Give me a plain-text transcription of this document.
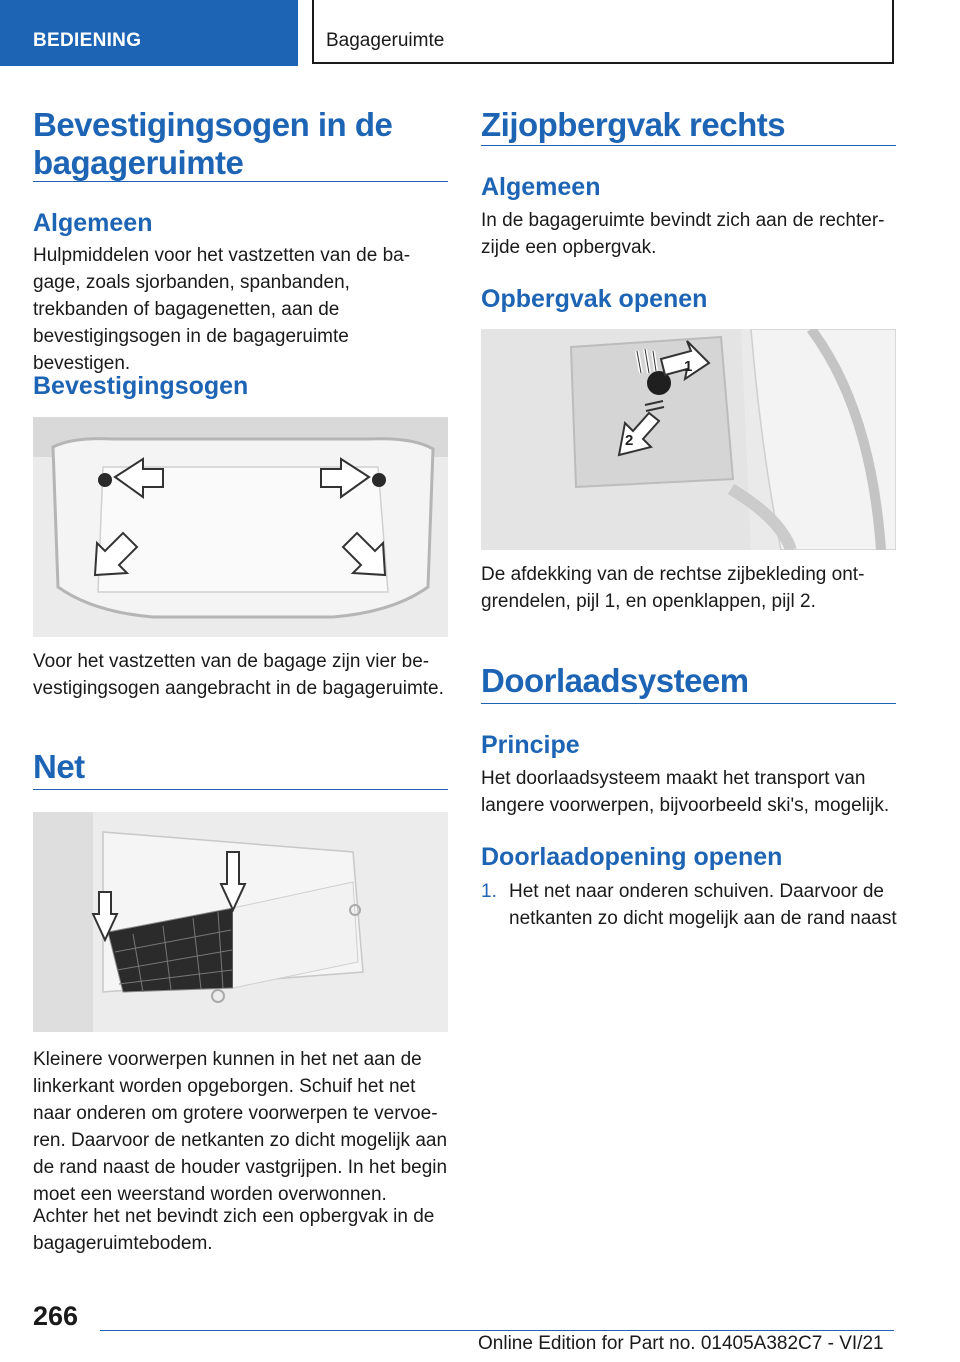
BEDIENING	Bagageruimte
Bevestigingsogen in de bagageruimte
Algemeen
Hulpmiddelen voor het vastzetten van de bagage, zoals sjorbanden, spanbanden, trekbanden of bagagenetten, aan de bevestigingsogen in de bagageruimte bevestigen.
Bevestigingsogen
Voor het vastzetten van de bagage zijn vier bevestigingsogen aangebracht in de bagageruimte.
Net
Kleinere voorwerpen kunnen in het net aan de linkerkant worden opgeborgen. Schuif het net naar onderen om grotere voorwerpen te vervoeren. Daarvoor de netkanten zo dicht mogelijk aan de rand naast de houder vastgrijpen. In het begin moet een weerstand worden overwonnen.
Achter het net bevindt zich een opbergvak in de bagageruimtebodem.
Zijopbergvak rechts
Algemeen
In de bagageruimte bevindt zich aan de rechterzijde een opbergvak.
Opbergvak openen
1
2
De afdekking van de rechtse zijbekleding ontgrendelen, pijl 1, en openklappen, pijl 2.
Doorlaadsysteem
Principe
Het doorlaadsysteem maakt het transport van langere voorwerpen, bijvoorbeeld ski's, mogelijk.
Doorlaadopening openen
1. Het net naar onderen schuiven. Daarvoor de netkanten zo dicht mogelijk aan de rand naast
266
Online Edition for Part no. 01405A382C7 - VI/21
